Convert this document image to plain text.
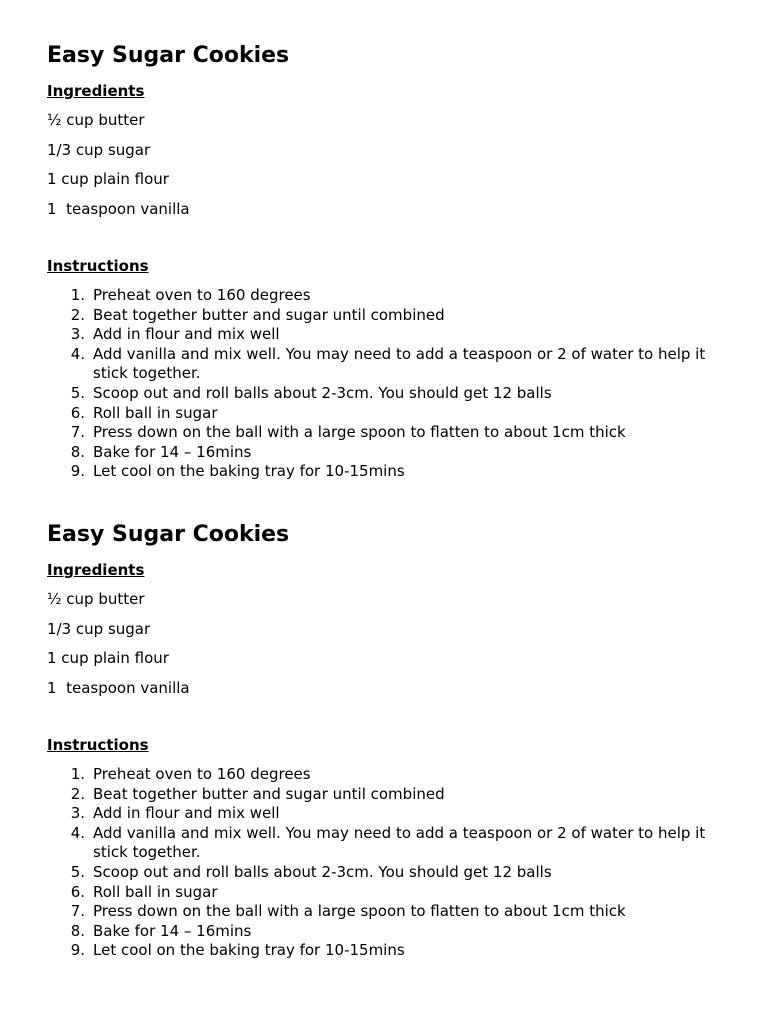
Easy Sugar Cookies
Ingredients
½ cup butter
1/3 cup sugar
1 cup plain flour
1  teaspoon vanilla
Instructions
1. Preheat oven to 160 degrees
2. Beat together butter and sugar until combined
3. Add in flour and mix well
4. Add vanilla and mix well. You may need to add a teaspoon or 2 of water to help it stick together.
5. Scoop out and roll balls about 2-3cm. You should get 12 balls
6. Roll ball in sugar
7. Press down on the ball with a large spoon to flatten to about 1cm thick
8. Bake for 14 – 16mins
9. Let cool on the baking tray for 10-15mins
Easy Sugar Cookies
Ingredients
½ cup butter
1/3 cup sugar
1 cup plain flour
1  teaspoon vanilla
Instructions
1. Preheat oven to 160 degrees
2. Beat together butter and sugar until combined
3. Add in flour and mix well
4. Add vanilla and mix well. You may need to add a teaspoon or 2 of water to help it stick together.
5. Scoop out and roll balls about 2-3cm. You should get 12 balls
6. Roll ball in sugar
7. Press down on the ball with a large spoon to flatten to about 1cm thick
8. Bake for 14 – 16mins
9. Let cool on the baking tray for 10-15mins
